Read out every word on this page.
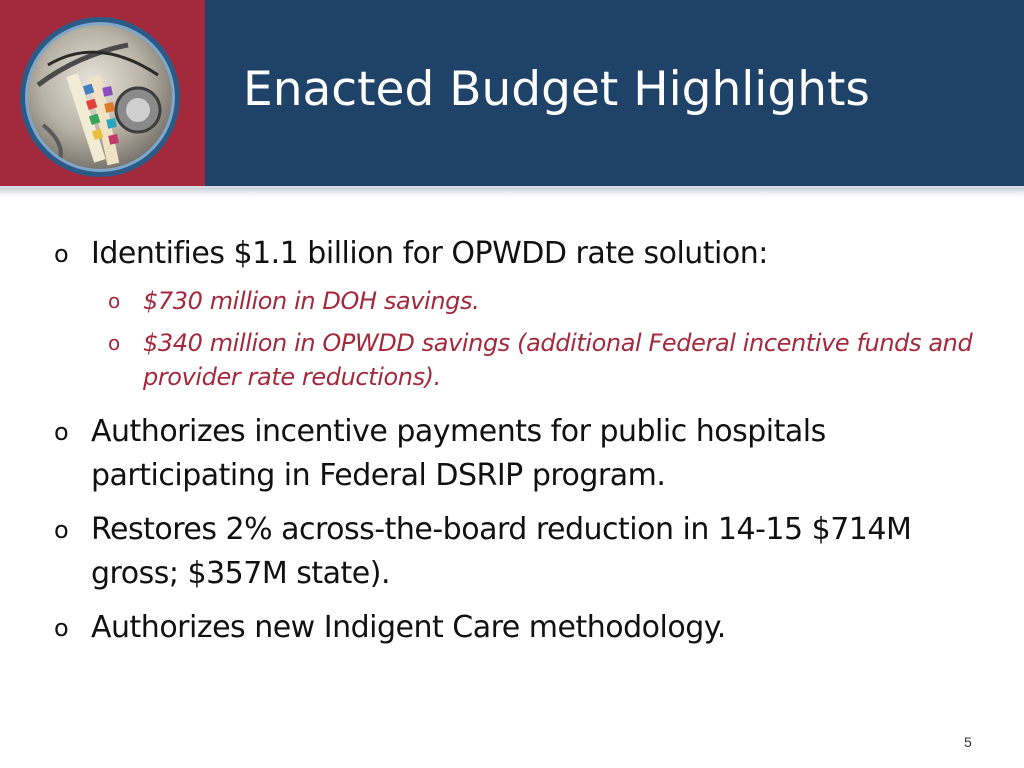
Enacted Budget Highlights
o Identifies $1.1 billion for OPWDD rate solution:
o $730 million in DOH savings.
o $340 million in OPWDD savings (additional Federal incentive funds and provider rate reductions).
o Authorizes incentive payments for public hospitals participating in Federal DSRIP program.
o Restores 2% across-the-board reduction in 14-15 $714M gross; $357M state).
o Authorizes new Indigent Care methodology.
5
